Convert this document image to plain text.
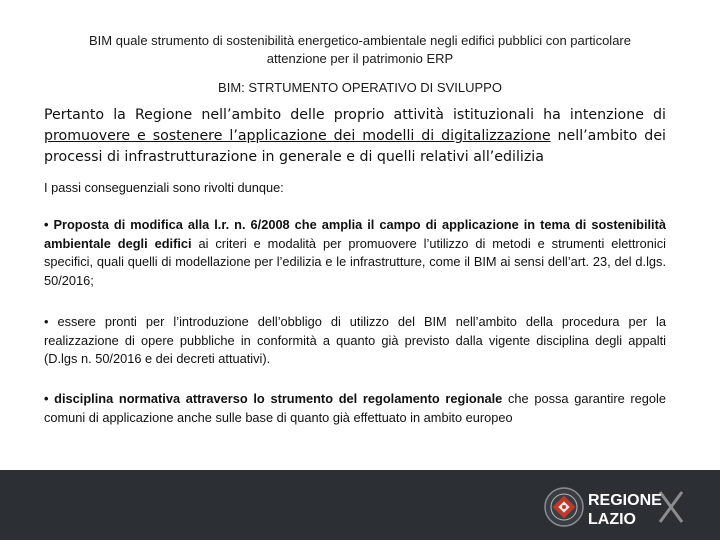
BIM quale strumento di sostenibilità energetico-ambientale negli edifici pubblici con particolare attenzione per il patrimonio ERP
BIM: STRTUMENTO OPERATIVO DI SVILUPPO
Pertanto la Regione nell’ambito delle proprio attività istituzionali ha intenzione di promuovere e sostenere l’applicazione dei modelli di digitalizzazione nell’ambito dei processi di infrastrutturazione in generale e di quelli relativi all’edilizia
I passi conseguenziali sono rivolti dunque:
• Proposta di modifica alla l.r. n. 6/2008 che amplia il campo di applicazione in tema di sostenibilità ambientale degli edifici ai criteri e modalità per promuovere l’utilizzo di metodi e strumenti elettronici specifici, quali quelli di modellazione per l’edilizia e le infrastrutture, come il BIM ai sensi dell’art. 23, del d.lgs. 50/2016;
• essere pronti per l’introduzione dell’obbligo di utilizzo del BIM nell’ambito della procedura per la realizzazione di opere pubbliche in conformità a quanto già previsto dalla vigente disciplina degli appalti (D.lgs n. 50/2016 e dei decreti attuativi).
• disciplina normativa attraverso lo strumento del regolamento regionale che possa garantire regole comuni di applicazione anche sulle base di quanto già effettuato in ambito europeo
REGIONE
LAZIO
